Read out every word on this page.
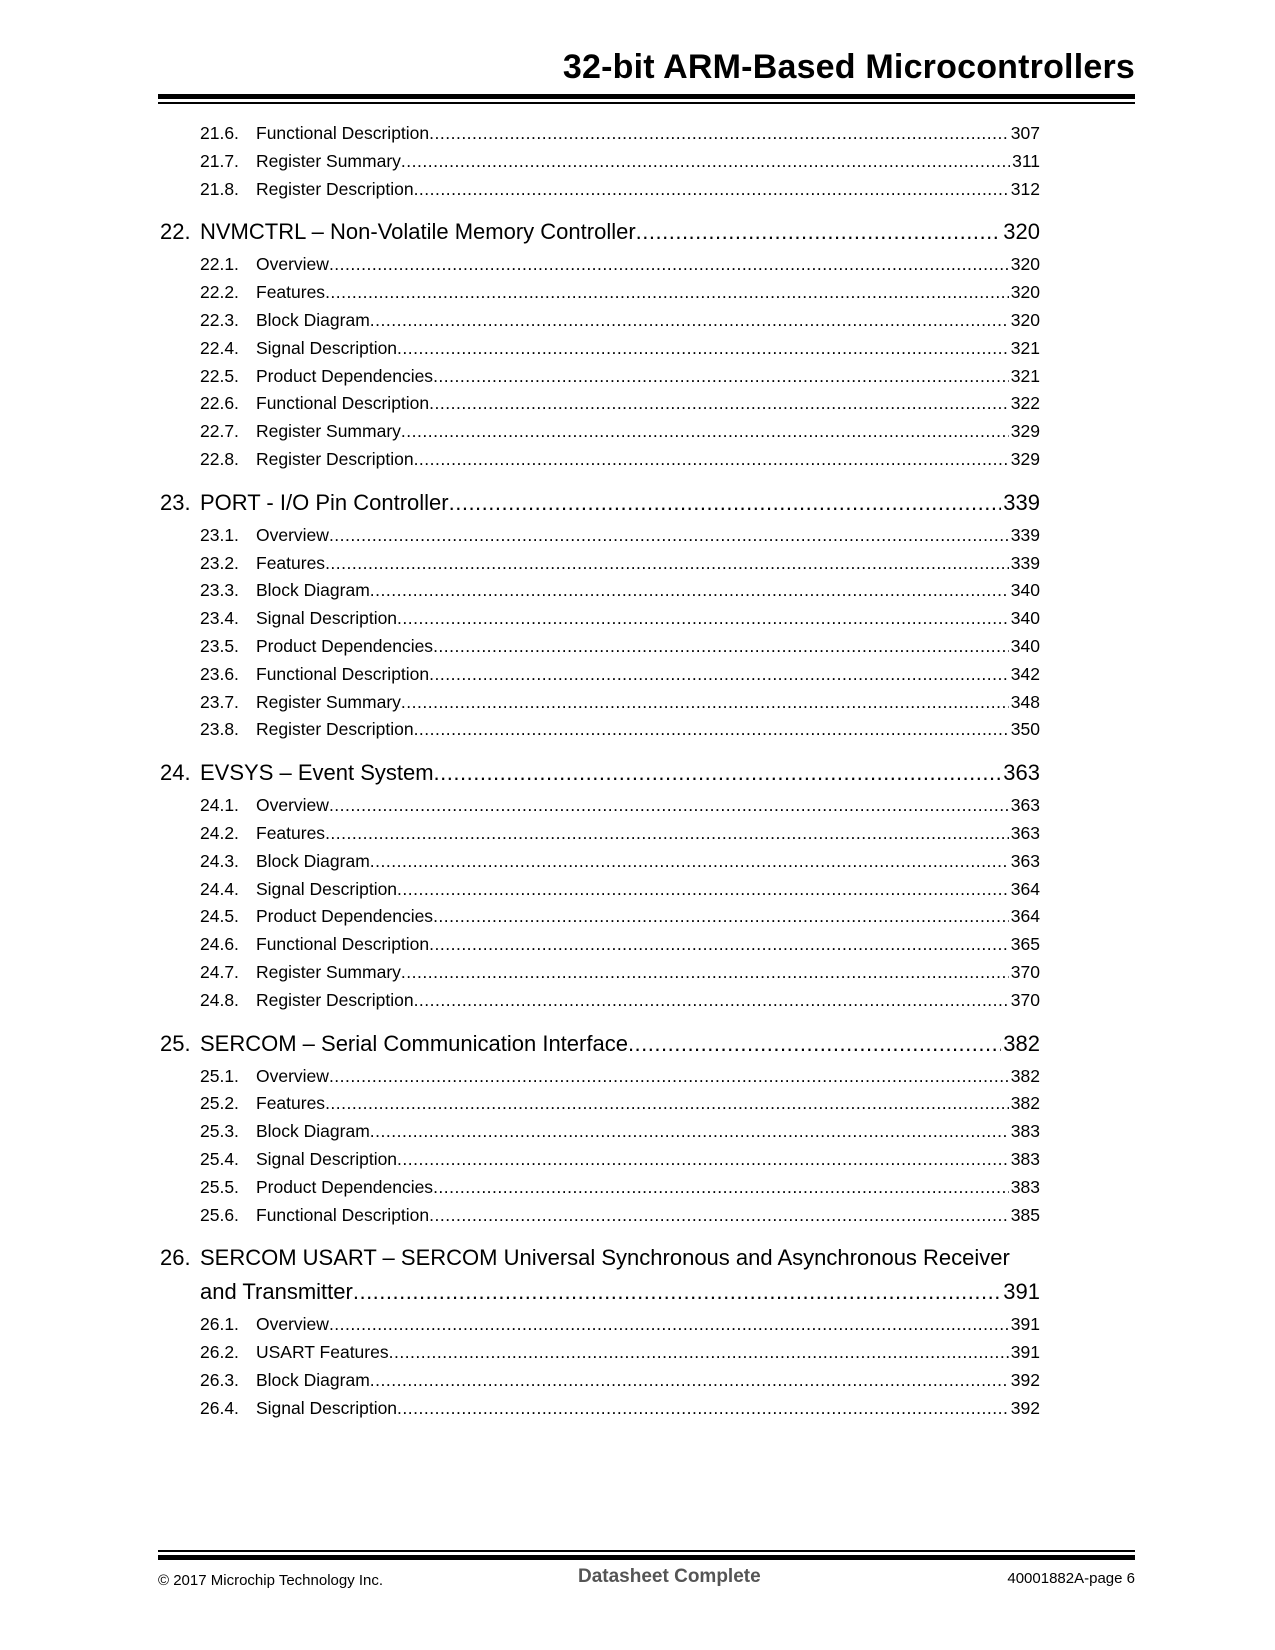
32-bit ARM-Based Microcontrollers
21.6. Functional Description .....	307
21.7. Register Summary .....	311
21.8. Register Description .....	312
22. NVMCTRL – Non-Volatile Memory Controller .....	320
22.1. Overview .....	320
22.2. Features .....	320
22.3. Block Diagram .....	320
22.4. Signal Description .....	321
22.5. Product Dependencies .....	321
22.6. Functional Description .....	322
22.7. Register Summary .....	329
22.8. Register Description .....	329
23. PORT - I/O Pin Controller .....	339
23.1. Overview .....	339
23.2. Features .....	339
23.3. Block Diagram .....	340
23.4. Signal Description .....	340
23.5. Product Dependencies .....	340
23.6. Functional Description .....	342
23.7. Register Summary .....	348
23.8. Register Description .....	350
24. EVSYS – Event System .....	363
24.1. Overview .....	363
24.2. Features .....	363
24.3. Block Diagram .....	363
24.4. Signal Description .....	364
24.5. Product Dependencies .....	364
24.6. Functional Description .....	365
24.7. Register Summary .....	370
24.8. Register Description .....	370
25. SERCOM – Serial Communication Interface .....	382
25.1. Overview .....	382
25.2. Features .....	382
25.3. Block Diagram .....	383
25.4. Signal Description .....	383
25.5. Product Dependencies .....	383
25.6. Functional Description .....	385
26. SERCOM USART – SERCOM Universal Synchronous and Asynchronous Receiver
and Transmitter .....	391
26.1. Overview .....	391
26.2. USART Features .....	391
26.3. Block Diagram .....	392
26.4. Signal Description .....	392
© 2017 Microchip Technology Inc.	Datasheet Complete	40001882A-page 6
